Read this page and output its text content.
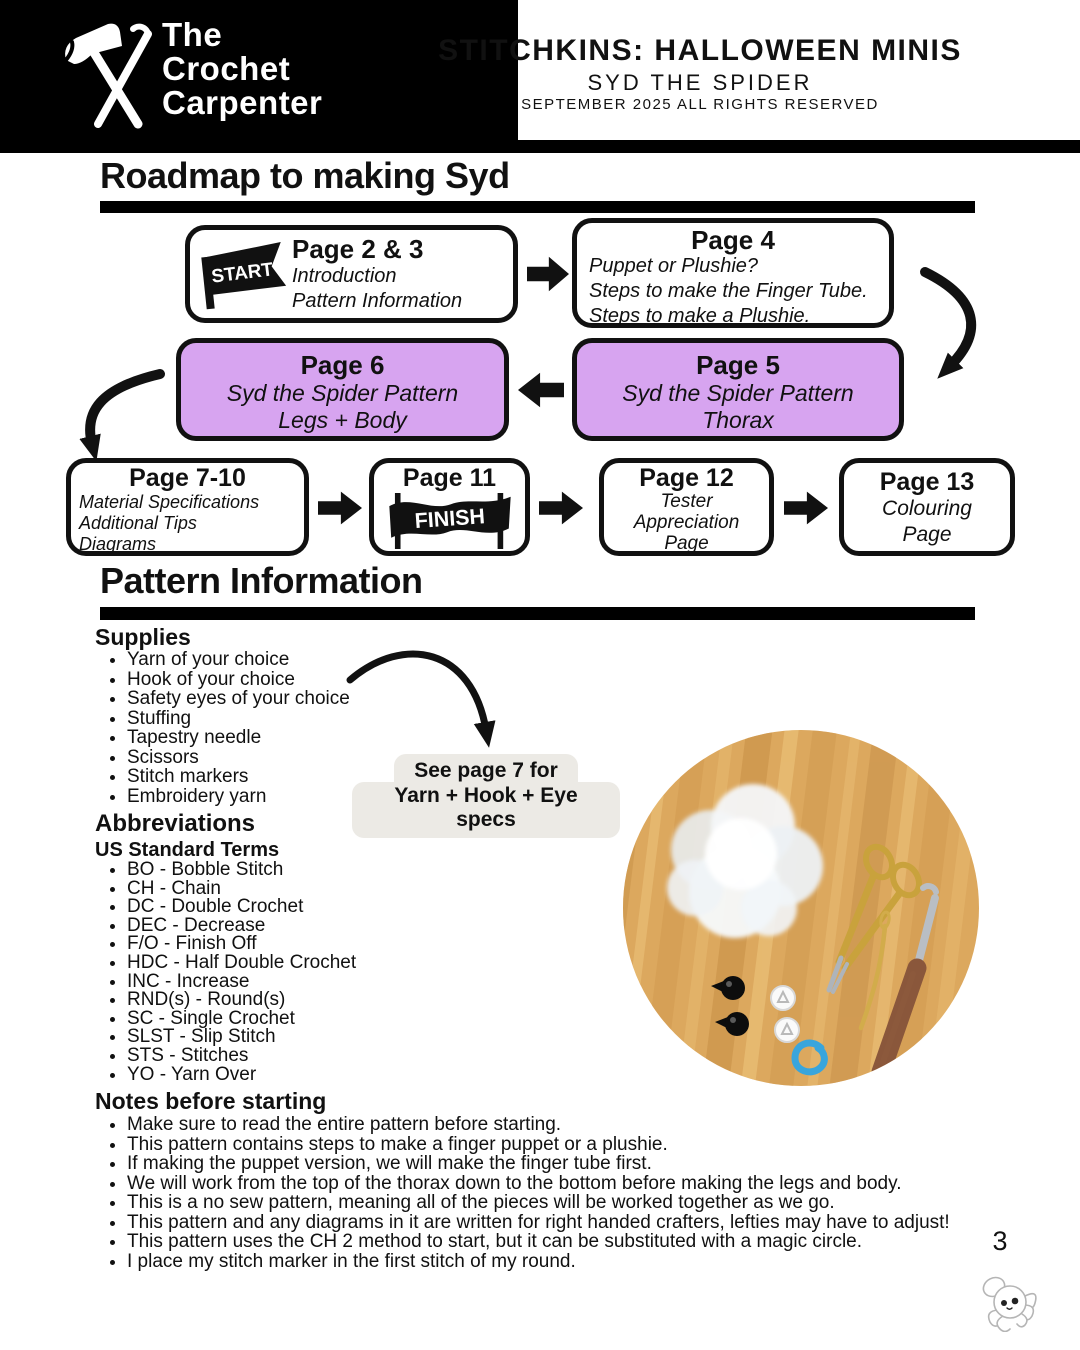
The
Crochet
Carpenter
STITCHKINS: HALLOWEEN MINIS
SYD THE SPIDER
SEPTEMBER 2025 ALL RIGHTS RESERVED
Roadmap to making Syd
START
Page 2 & 3
Introduction
Pattern Information
Page 4
Puppet or Plushie?
Steps to make the Finger Tube.
Steps to make a Plushie.
Page 6
Syd the Spider Pattern
Legs + Body
Page 5
Syd the Spider Pattern
Thorax
Page 7-10
Material Specifications
Additional Tips
Diagrams
Page 11
FINISH
Page 12
Tester
Appreciation
Page
Page 13
Colouring
Page
Pattern Information
Supplies
• Yarn of your choice
• Hook of your choice
• Safety eyes of your choice
• Stuffing
• Tapestry needle
• Scissors
• Stitch markers
• Embroidery yarn
See page 7 for
Yarn + Hook + Eye specs
Abbreviations
US Standard Terms
• BO - Bobble Stitch
• CH - Chain
• DC - Double Crochet
• DEC - Decrease
• F/O - Finish Off
• HDC - Half Double Crochet
• INC - Increase
• RND(s) - Round(s)
• SC - Single Crochet
• SLST - Slip Stitch
• STS - Stitches
• YO - Yarn Over
Notes before starting
• Make sure to read the entire pattern before starting.
• This pattern contains steps to make a finger puppet or a plushie.
• If making the puppet version, we will make the finger tube first.
• We will work from the top of the thorax down to the bottom before making the legs and body.
• This is a no sew pattern, meaning all of the pieces will be worked together as we go.
• This pattern and any diagrams in it are written for right handed crafters, lefties may have to adjust!
• This pattern uses the CH 2 method to start, but it can be substituted with a magic circle.
• I place my stitch marker in the first stitch of my round.
3
